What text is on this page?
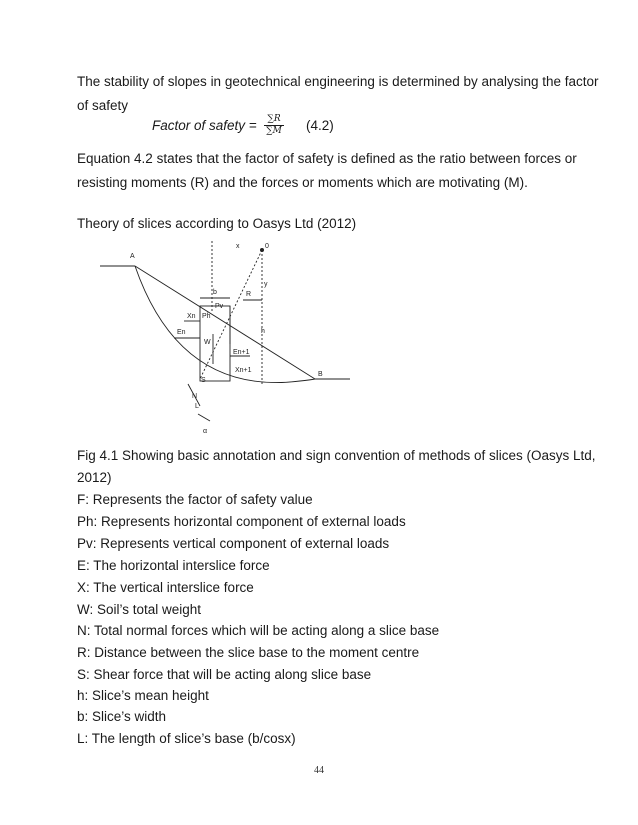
The stability of slopes in geotechnical engineering is determined by analysing the factor
of safety
Factor of safety =	∑R
∑M (4.2)
Equation 4.2 states that the factor of safety is defined as the ratio between forces or
resisting moments (R) and the forces or moments which are motivating (M).
Theory of slices according to Oasys Ltd (2012)
A
x	0
B
b
Pv
Ph
y
R
Xn
En	h
W
En+1
Xn+1
S
N
L
α
Fig 4.1 Showing basic annotation and sign convention of methods of slices (Oasys Ltd,
2012)
F: Represents the factor of safety value
Ph: Represents horizontal component of external loads
Pv: Represents vertical component of external loads
E: The horizontal interslice force
X: The vertical interslice force
W: Soil’s total weight
N: Total normal forces which will be acting along a slice base
R: Distance between the slice base to the moment centre
S: Shear force that will be acting along slice base
h: Slice’s mean height
b: Slice’s width
L: The length of slice’s base (b/cosx)
44
